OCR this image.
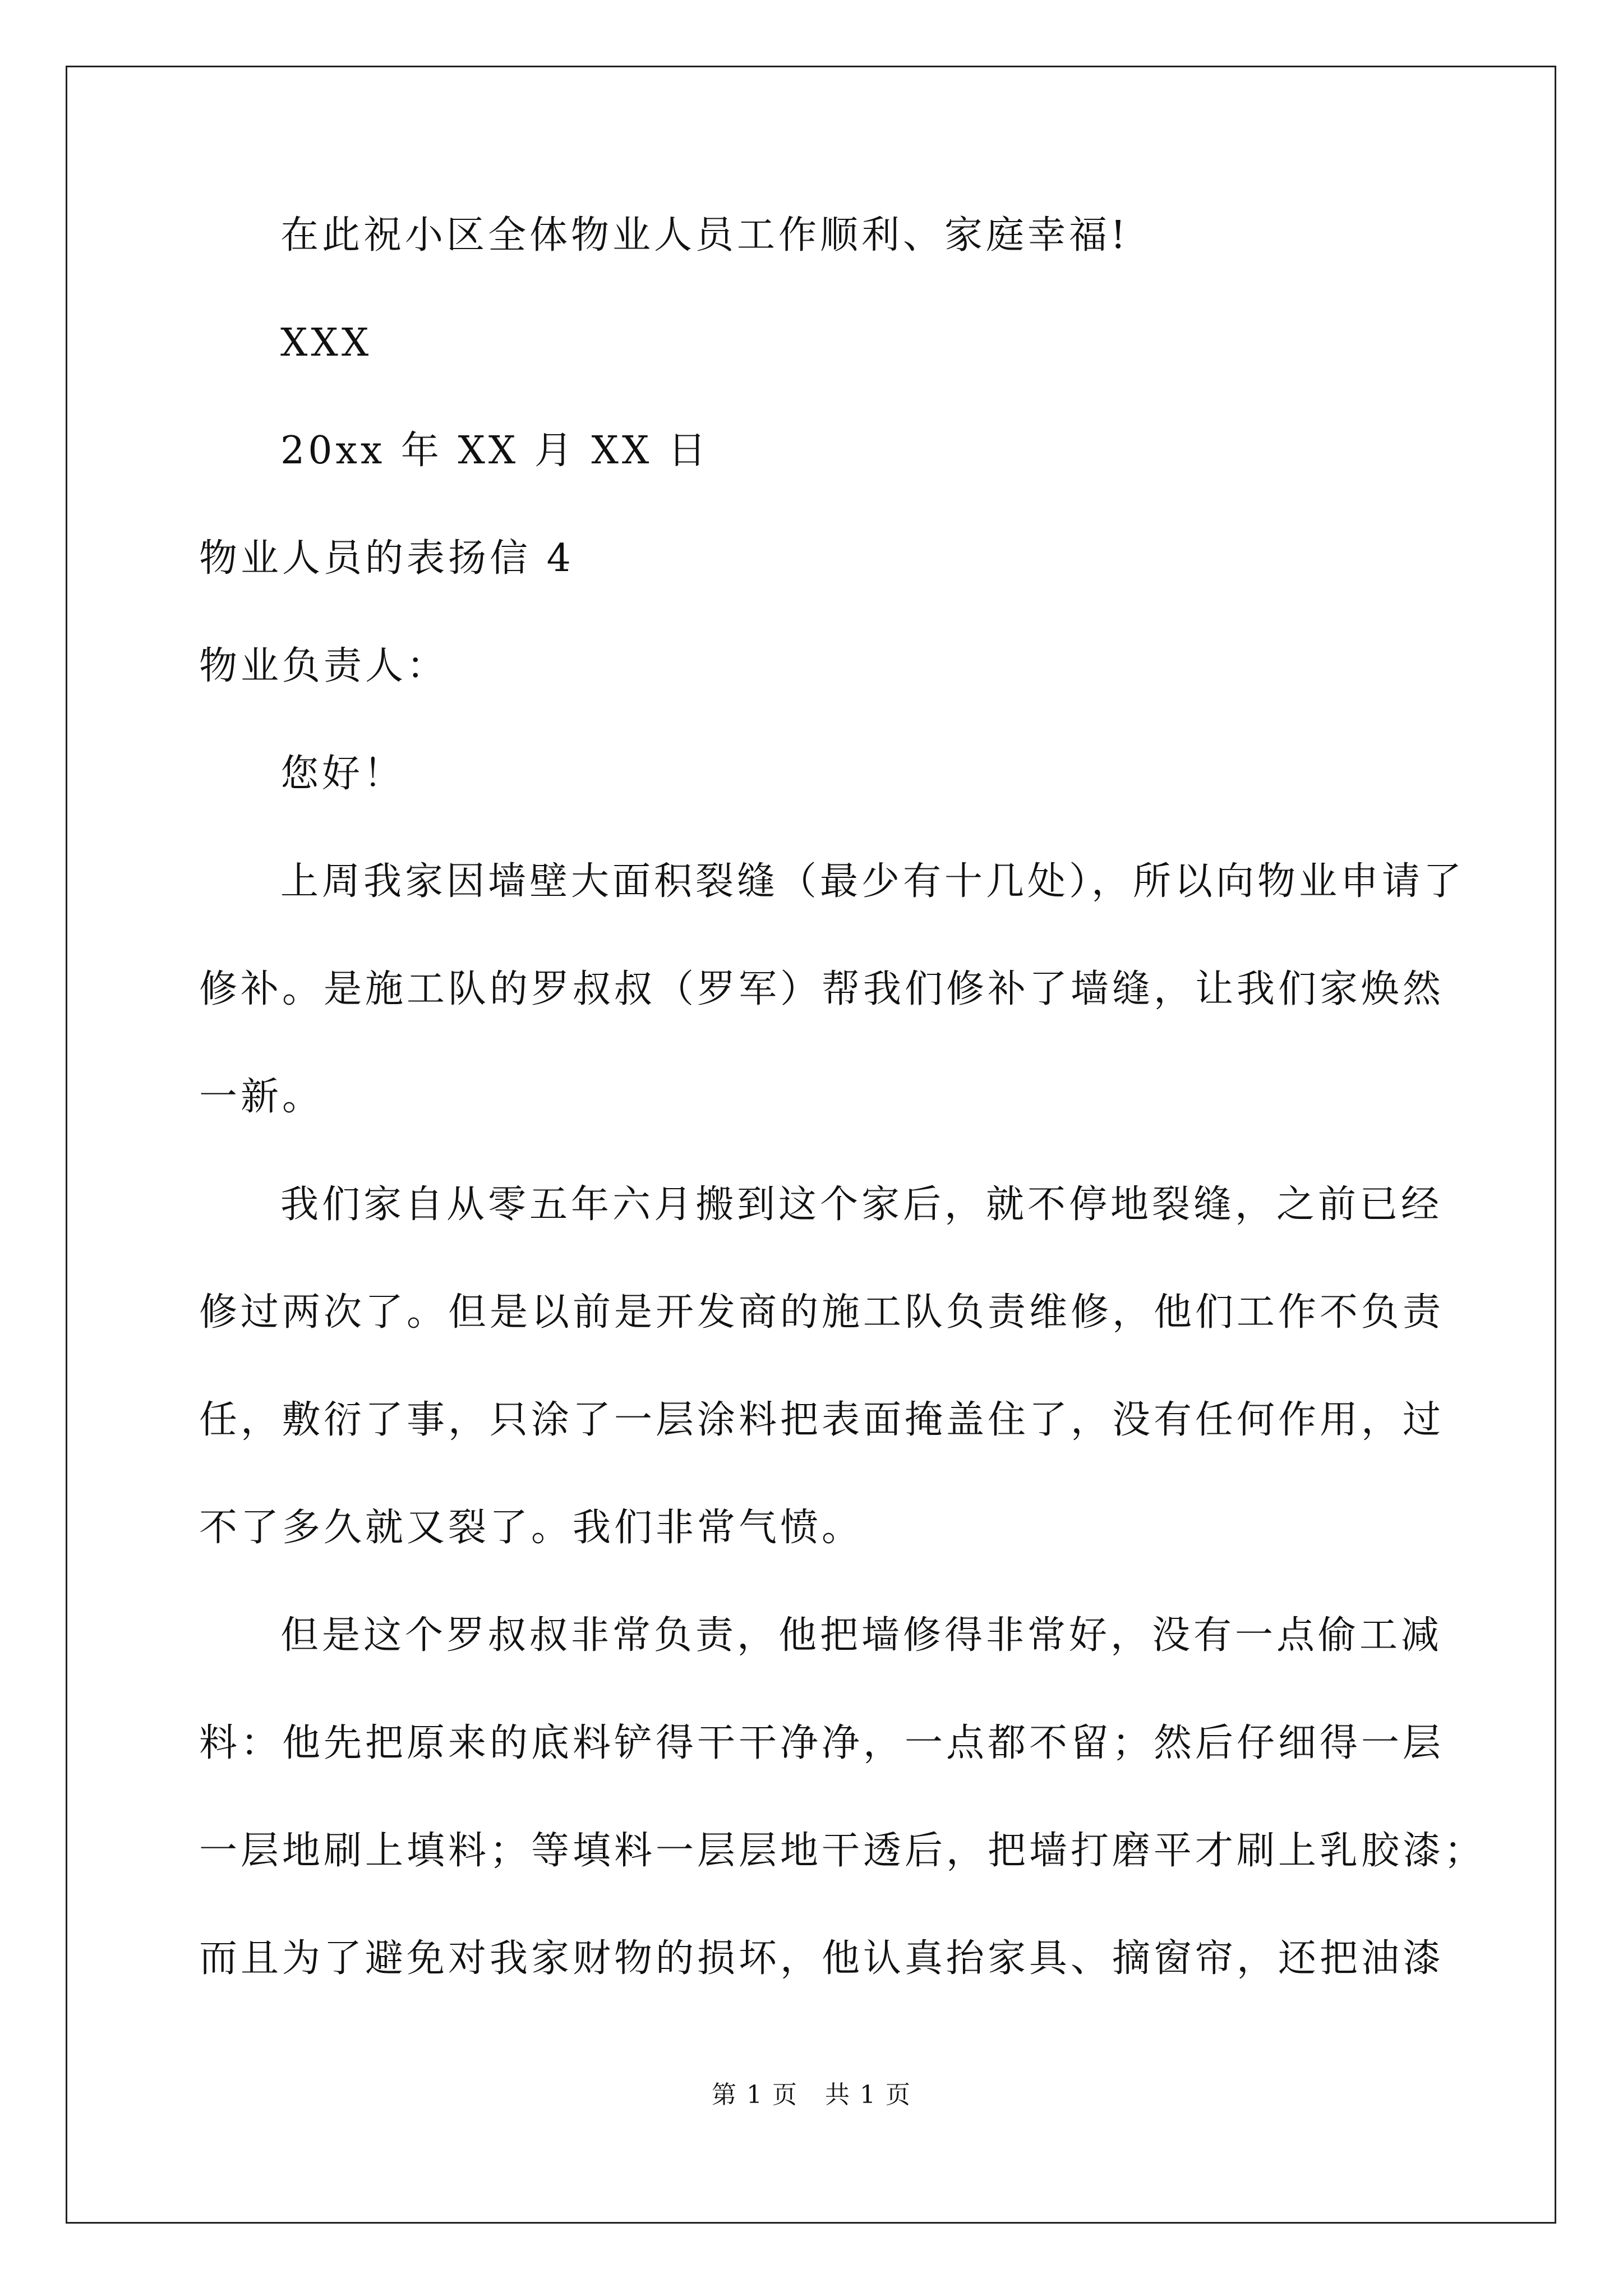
在此祝小区全体物业人员工作顺利、家庭幸福!
XXX
20xx 年 XX 月 XX 日
物业人员的表扬信 4
物业负责人：
您好！
上周我家因墙壁大面积裂缝（最少有十几处），所以向物业申请了
修补。是施工队的罗叔叔（罗军）帮我们修补了墙缝，让我们家焕然
一新。
我们家自从零五年六月搬到这个家后，就不停地裂缝，之前已经
修过两次了。但是以前是开发商的施工队负责维修，他们工作不负责
任，敷衍了事，只涂了一层涂料把表面掩盖住了，没有任何作用，过
不了多久就又裂了。我们非常气愤。
但是这个罗叔叔非常负责，他把墙修得非常好，没有一点偷工减
料：他先把原来的底料铲得干干净净，一点都不留；然后仔细得一层
一层地刷上填料；等填料一层层地干透后，把墙打磨平才刷上乳胶漆；
而且为了避免对我家财物的损坏，他认真抬家具、摘窗帘，还把油漆
第 1 页 共 1 页
